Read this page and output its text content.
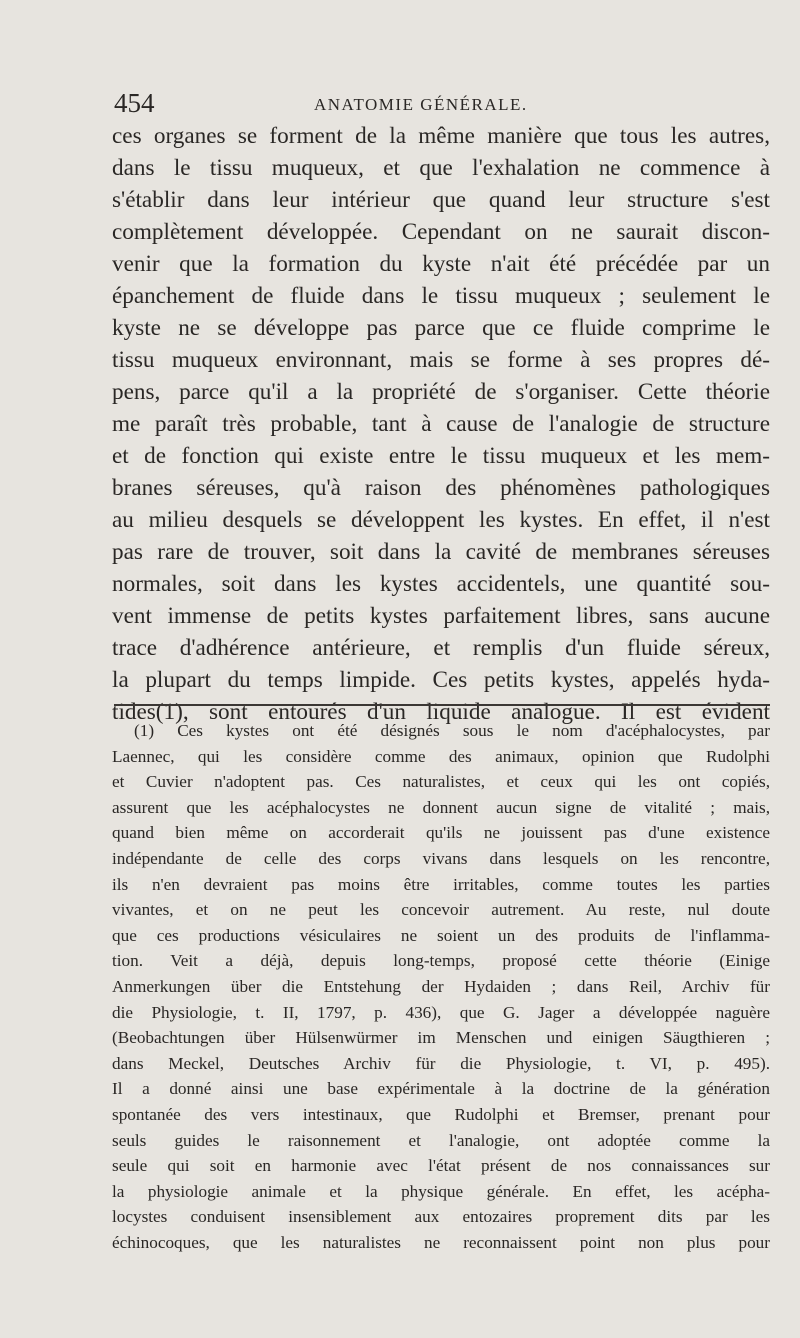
454	ANATOMIE GÉNÉRALE.
ces organes se forment de la même manière que tous les autres,
dans le tissu muqueux, et que l'exhalation ne commence à
s'établir dans leur intérieur que quand leur structure s'est
complètement développée. Cependant on ne saurait discon-
venir que la formation du kyste n'ait été précédée par un
épanchement de fluide dans le tissu muqueux ; seulement le
kyste ne se développe pas parce que ce fluide comprime le
tissu muqueux environnant, mais se forme à ses propres dé-
pens, parce qu'il a la propriété de s'organiser. Cette théorie
me paraît très probable, tant à cause de l'analogie de structure
et de fonction qui existe entre le tissu muqueux et les mem-
branes séreuses, qu'à raison des phénomènes pathologiques
au milieu desquels se développent les kystes. En effet, il n'est
pas rare de trouver, soit dans la cavité de membranes séreuses
normales, soit dans les kystes accidentels, une quantité sou-
vent immense de petits kystes parfaitement libres, sans aucune
trace d'adhérence antérieure, et remplis d'un fluide séreux,
la plupart du temps limpide. Ces petits kystes, appelés hyda-
tides(1), sont entourés d'un liquide analogue. Il est évident
(1) Ces kystes ont été désignés sous le nom d'acéphalocystes, par
Laennec, qui les considère comme des animaux, opinion que Rudolphi
et Cuvier n'adoptent pas. Ces naturalistes, et ceux qui les ont copiés,
assurent que les acéphalocystes ne donnent aucun signe de vitalité ; mais,
quand bien même on accorderait qu'ils ne jouissent pas d'une existence
indépendante de celle des corps vivans dans lesquels on les rencontre,
ils n'en devraient pas moins être irritables, comme toutes les parties
vivantes, et on ne peut les concevoir autrement. Au reste, nul doute
que ces productions vésiculaires ne soient un des produits de l'inflamma-
tion. Veit a déjà, depuis long-temps, proposé cette théorie (Einige
Anmerkungen über die Entstehung der Hydaiden ; dans Reil, Archiv für
die Physiologie, t. II, 1797, p. 436), que G. Jager a développée naguère
(Beobachtungen über Hülsenwürmer im Menschen und einigen Säugthieren ;
dans Meckel, Deutsches Archiv für die Physiologie, t. VI, p. 495).
Il a donné ainsi une base expérimentale à la doctrine de la génération
spontanée des vers intestinaux, que Rudolphi et Bremser, prenant pour
seuls guides le raisonnement et l'analogie, ont adoptée comme la
seule qui soit en harmonie avec l'état présent de nos connaissances sur
la physiologie animale et la physique générale. En effet, les acépha-
locystes conduisent insensiblement aux entozaires proprement dits par les
échinocoques, que les naturalistes ne reconnaissent point non plus pour
